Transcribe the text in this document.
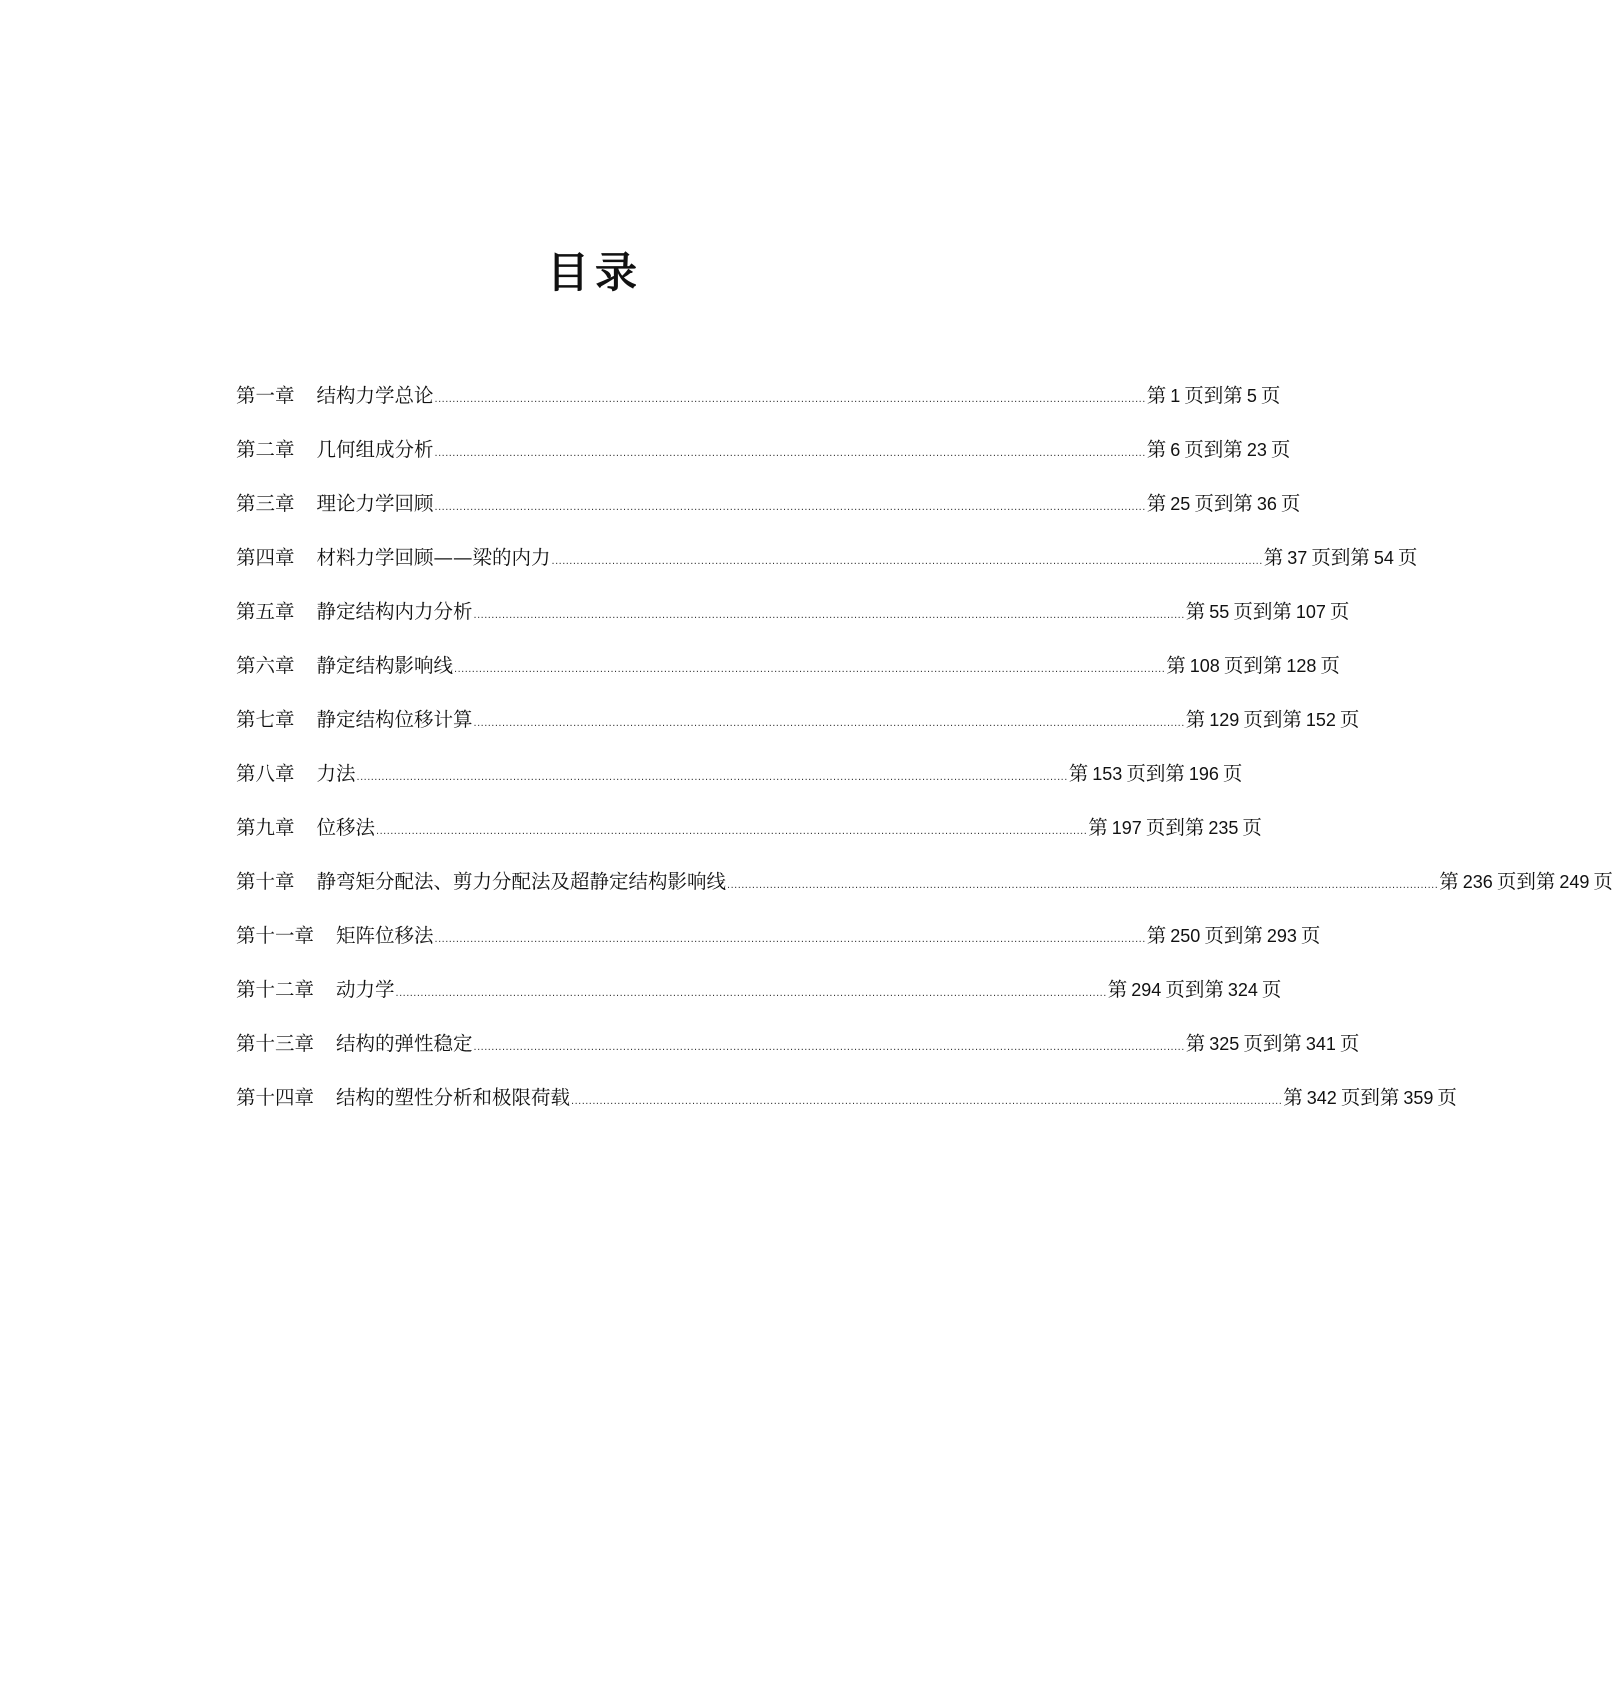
目录
第一章 结构力学总论 ........................................................................................................................................................................................................ 第 1 页到第 5 页
第二章 几何组成分析 ........................................................................................................................................................................................................ 第 6 页到第 23 页
第三章 理论力学回顾 ........................................................................................................................................................................................................ 第 25 页到第 36 页
第四章 材料力学回顾——梁的内力 ........................................................................................................................................................................................................ 第 37 页到第 54 页
第五章 静定结构内力分析 ........................................................................................................................................................................................................ 第 55 页到第 107 页
第六章 静定结构影响线 ........................................................................................................................................................................................................ 第 108 页到第 128 页
第七章 静定结构位移计算 ........................................................................................................................................................................................................ 第 129 页到第 152 页
第八章 力法 ........................................................................................................................................................................................................ 第 153 页到第 196 页
第九章 位移法 ........................................................................................................................................................................................................ 第 197 页到第 235 页
第十章 静弯矩分配法、剪力分配法及超静定结构影响线 ........................................................................................................................................................................................................ 第 236 页到第 249 页
第十一章 矩阵位移法 ........................................................................................................................................................................................................ 第 250 页到第 293 页
第十二章 动力学 ........................................................................................................................................................................................................ 第 294 页到第 324 页
第十三章 结构的弹性稳定 ........................................................................................................................................................................................................ 第 325 页到第 341 页
第十四章 结构的塑性分析和极限荷载 ........................................................................................................................................................................................................ 第 342 页到第 359 页
